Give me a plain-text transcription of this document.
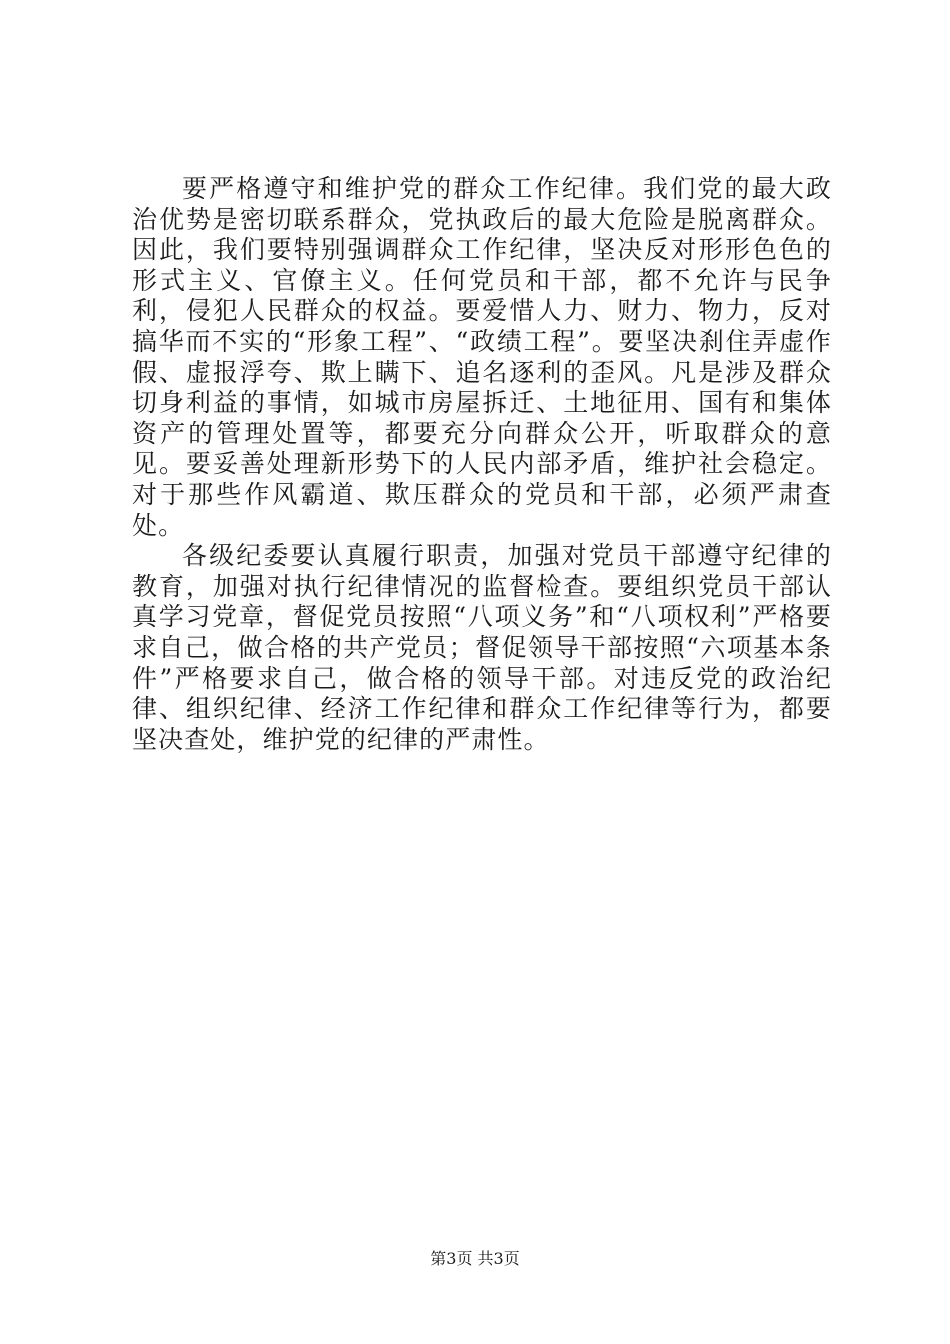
要严格遵守和维护党的群众工作纪律。我们党的最大政治优势是密切联系群众，党执政后的最大危险是脱离群众。因此，我们要特别强调群众工作纪律，坚决反对形形色色的形式主义、官僚主义。任何党员和干部，都不允许与民争利，侵犯人民群众的权益。要爱惜人力、财力、物力，反对搞华而不实的“形象工程”、“政绩工程”。要坚决刹住弄虚作假、虚报浮夸、欺上瞒下、追名逐利的歪风。凡是涉及群众切身利益的事情，如城市房屋拆迁、土地征用、国有和集体资产的管理处置等，都要充分向群众公开，听取群众的意见。要妥善处理新形势下的人民内部矛盾，维护社会稳定。对于那些作风霸道、欺压群众的党员和干部，必须严肃查处。

各级纪委要认真履行职责，加强对党员干部遵守纪律的教育，加强对执行纪律情况的监督检查。要组织党员干部认真学习党章，督促党员按照“八项义务”和“八项权利”严格要求自己，做合格的共产党员；督促领导干部按照“六项基本条件”严格要求自己，做合格的领导干部。对违反党的政治纪律、组织纪律、经济工作纪律和群众工作纪律等行为，都要坚决查处，维护党的纪律的严肃性。

第3页 共3页
